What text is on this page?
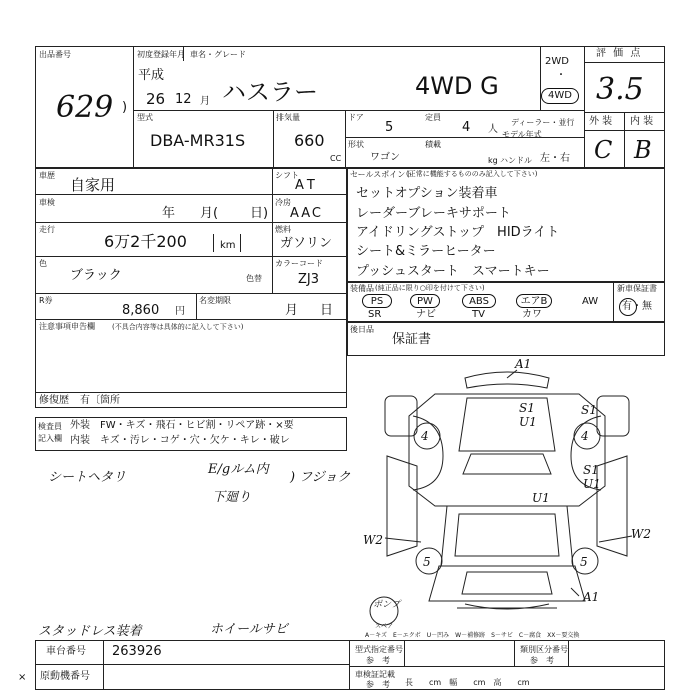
出品番号
629 )
初度登録年月 車名・グレード
平成
26 12 月 ハスラー	4WD G
2WD
・
4WD
評 価 点
3.5
外 装 内 装
C B
型式
DBA-MR31S
排気量
660
CC
ドア
5
定員
4 人
ディーラー・並行
モデル年式
形状
ワゴン
積載
kg ハンドル 左・右
車歴
自家用
シフト
AT
車検
年 月( 日)
冷房
AAC
走行
6万2千200	km
燃料
ガソリン
色
ブラック	色替
カラーコード
ZJ3
R券
8,860 円
名変期限
月 日
注意事項申告欄 (不具合内容等は具体的に記入して下さい)
修復歴 有〔箇所
セールスポイント
(正常に機能するもののみ記入して下さい)
セットオプション装着車
レーダーブレーキサポート
アイドリングストップ　HIDライト
シート&ミラーヒーター
プッシュスタート　スマートキー
装備品 (純正品に限り○印を付けて下さい)
PS	PW	ABS	エアB	AW
SR	ナビ	TV	カワ
新車保証書
有・無
後日品
保証書
検査員
記入欄
外装　FW・キズ・飛石・ヒビ割・リペア跡・×要
内装　キズ・汚レ・コゲ・穴・欠ケ・キレ・破レ
シートヘタリ
E/gルム内
下廻り
) フジョク
スタッドレス装着	ホイールサビ
A1
S1
U1
S1
4	4
S1
U1
U1
W2	W2
5	5
A1
ポンプ
スペア
A－キズ　E－エクボ　U－凹み　W－補修跡　S－サビ　C－腐食　XX－要交換
車台番号 263926
原動機番号
×
型式指定番号
参　考
類別区分番号
参　考
車検証記載
参　考 長　　cm　幅　　cm　高　　cm
